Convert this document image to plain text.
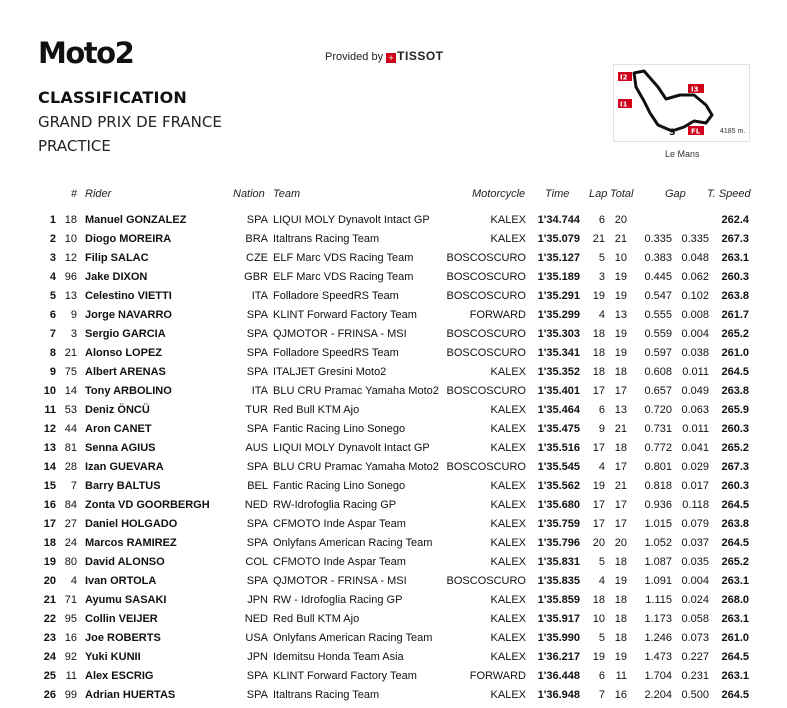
Moto2	Provided by + TISSOT
CLASSIFICATION
GRAND PRIX DE FRANCE
PRACTICE
I2
I3
I1
S FL	4185 m.
Le Mans
# Rider	Nation Team	Motorcycle Time Lap Total	Gap T. Speed
1 18 Manuel GONZALEZ	SPA LIQUI MOLY Dynavolt Intact GP	KALEX	1'34.744	6 20	262.4
2 10 Diogo MOREIRA	BRA Italtrans Racing Team	KALEX	1'35.079	21 21	0.335 0.335	267.3
3 12 Filip SALAC	CZE ELF Marc VDS Racing Team	BOSCOSCURO	1'35.127	5 10	0.383 0.048	263.1
4 96 Jake DIXON	GBR ELF Marc VDS Racing Team	BOSCOSCURO	1'35.189	3 19	0.445 0.062	260.3
5 13 Celestino VIETTI	ITA Folladore SpeedRS Team	BOSCOSCURO	1'35.291	19 19	0.547 0.102	263.8
6	9 Jorge NAVARRO	SPA KLINT Forward Factory Team	FORWARD	1'35.299	4 13	0.555 0.008	261.7
7	3 Sergio GARCIA	SPA QJMOTOR - FRINSA - MSI	BOSCOSCURO	1'35.303	18 19	0.559 0.004	265.2
8 21 Alonso LOPEZ	SPA Folladore SpeedRS Team	BOSCOSCURO	1'35.341	18 19	0.597 0.038	261.0
9 75 Albert ARENAS	SPA ITALJET Gresini Moto2	KALEX	1'35.352	18 18	0.608 0.011	264.5
10 14 Tony ARBOLINO	ITA BLU CRU Pramac Yamaha Moto2 BOSCOSCURO	1'35.401	17 17	0.657 0.049	263.8
11 53 Deniz ÖNCÜ	TUR Red Bull KTM Ajo	KALEX	1'35.464	6 13	0.720 0.063	265.9
12 44 Aron CANET	SPA Fantic Racing Lino Sonego	KALEX	1'35.475	9 21	0.731 0.011	260.3
13 81 Senna AGIUS	AUS LIQUI MOLY Dynavolt Intact GP	KALEX	1'35.516	17 18	0.772 0.041	265.2
14 28 Izan GUEVARA	SPA BLU CRU Pramac Yamaha Moto2 BOSCOSCURO	1'35.545	4 17	0.801 0.029	267.3
15	7 Barry BALTUS	BEL Fantic Racing Lino Sonego	KALEX	1'35.562	19 21	0.818 0.017	260.3
16 84 Zonta VD GOORBERGH	NED RW-Idrofoglia Racing GP	KALEX	1'35.680	17 17	0.936 0.118	264.5
17 27 Daniel HOLGADO	SPA CFMOTO Inde Aspar Team	KALEX	1'35.759	17 17	1.015 0.079	263.8
18 24 Marcos RAMIREZ	SPA Onlyfans American Racing Team	KALEX	1'35.796	20 20	1.052 0.037	264.5
19 80 David ALONSO	COL CFMOTO Inde Aspar Team	KALEX	1'35.831	5 18	1.087 0.035	265.2
20	4 Ivan ORTOLA	SPA QJMOTOR - FRINSA - MSI	BOSCOSCURO	1'35.835	4 19	1.091 0.004	263.1
21 71 Ayumu SASAKI	JPN RW - Idrofoglia Racing GP	KALEX	1'35.859	18 18	1.115 0.024	268.0
22 95 Collin VEIJER	NED Red Bull KTM Ajo	KALEX	1'35.917	10 18	1.173 0.058	263.1
23 16 Joe ROBERTS	USA Onlyfans American Racing Team	KALEX	1'35.990	5 18	1.246 0.073	261.0
24 92 Yuki KUNII	JPN Idemitsu Honda Team Asia	KALEX	1'36.217	19 19	1.473 0.227	264.5
25 11 Alex ESCRIG	SPA KLINT Forward Factory Team	FORWARD	1'36.448	6 11	1.704 0.231	263.1
26 99 Adrian HUERTAS	SPA Italtrans Racing Team	KALEX	1'36.948	7 16	2.204 0.500	264.5
